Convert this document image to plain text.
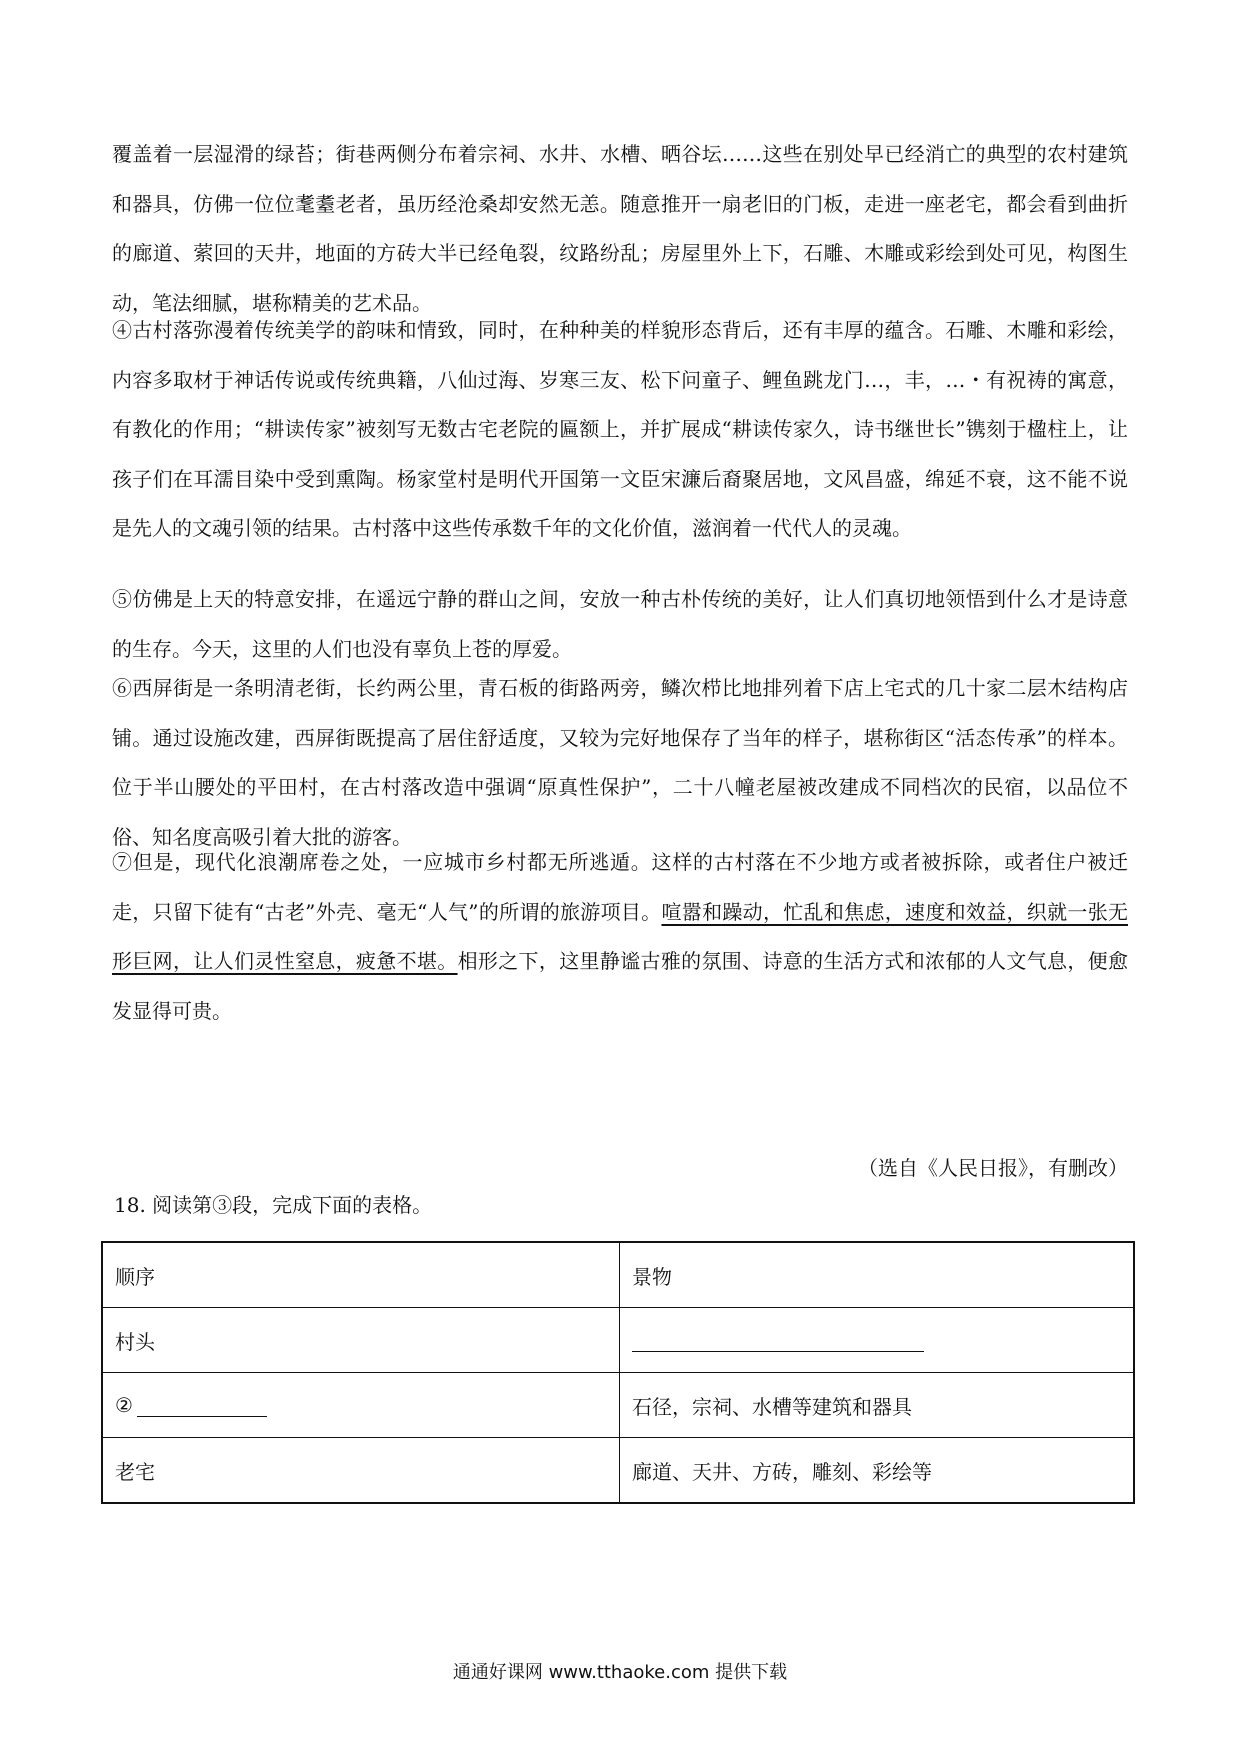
覆盖着一层湿滑的绿苔；街巷两侧分布着宗祠、水井、水槽、晒谷坛……这些在别处早已经消亡的典型的农村建筑和器具，仿佛一位位耄耋老者，虽历经沧桑却安然无恙。随意推开一扇老旧的门板，走进一座老宅，都会看到曲折的廊道、萦回的天井，地面的方砖大半已经龟裂，纹路纷乱；房屋里外上下，石雕、木雕或彩绘到处可见，构图生动，笔法细腻，堪称精美的艺术品。

④古村落弥漫着传统美学的韵味和情致，同时，在种种美的样貌形态背后，还有丰厚的蕴含。石雕、木雕和彩绘，内容多取材于神话传说或传统典籍，八仙过海、岁寒三友、松下问童子、鲤鱼跳龙门…，丰，…・有祝祷的寓意，有教化的作用；“耕读传家”被刻写无数古宅老院的匾额上，并扩展成“耕读传家久，诗书继世长”镌刻于楹柱上，让孩子们在耳濡目染中受到熏陶。杨家堂村是明代开国第一文臣宋濂后裔聚居地，文风昌盛，绵延不衰，这不能不说是先人的文魂引领的结果。古村落中这些传承数千年的文化价值，滋润着一代代人的灵魂。

⑤仿佛是上天的特意安排，在遥远宁静的群山之间，安放一种古朴传统的美好，让人们真切地领悟到什么才是诗意的生存。今天，这里的人们也没有辜负上苍的厚爱。

⑥西屏街是一条明清老街，长约两公里，青石板的街路两旁，鳞次栉比地排列着下店上宅式的几十家二层木结构店铺。通过设施改建，西屏街既提高了居住舒适度，又较为完好地保存了当年的样子，堪称街区“活态传承”的样本。位于半山腰处的平田村，在古村落改造中强调“原真性保护”，二十八幢老屋被改建成不同档次的民宿，以品位不俗、知名度高吸引着大批的游客。

⑦但是，现代化浪潮席卷之处，一应城市乡村都无所逃遁。这样的古村落在不少地方或者被拆除，或者住户被迁走，只留下徒有“古老”外壳、毫无“人气”的所谓的旅游项目。喧嚣和躁动，忙乱和焦虑，速度和效益，织就一张无形巨网，让人们灵性窒息，疲惫不堪。相形之下，这里静谧古雅的氛围、诗意的生活方式和浓郁的人文气息，便愈发显得可贵。

（选自《人民日报》，有删改）

18. 阅读第③段，完成下面的表格。

顺序	景物
村头	
②	石径，宗祠、水槽等建筑和器具
老宅	廊道、天井、方砖，雕刻、彩绘等
通通好课网 www.tthaoke.com 提供下载
